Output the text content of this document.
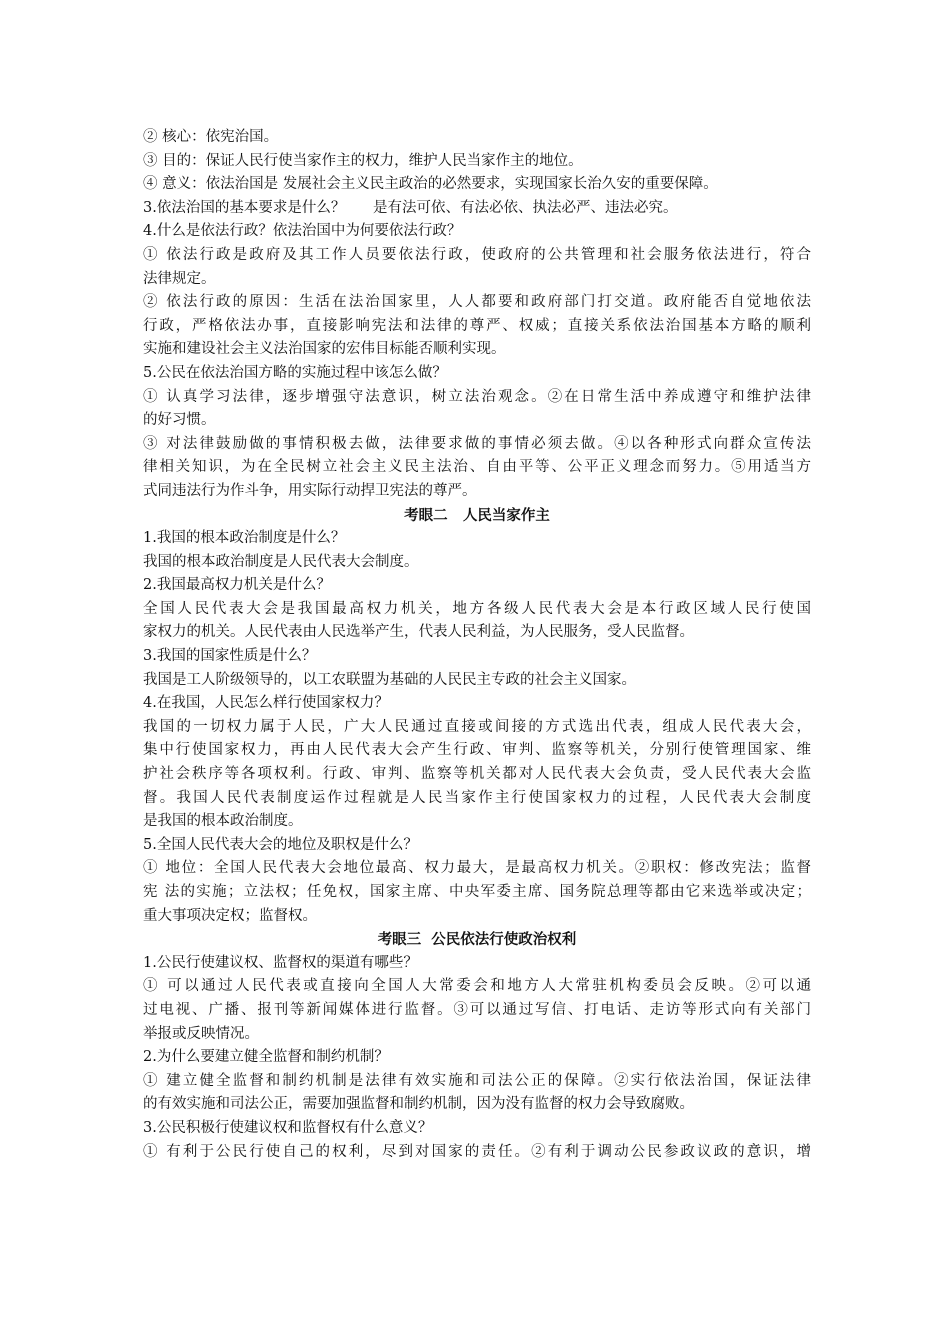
② 核心：依宪治国。
③ 目的：保证人民行使当家作主的权力，维护人民当家作主的地位。
④ 意义：依法治国是 发展社会主义民主政治的必然要求，实现国家长治久安的重要保障。
3.依法治国的基本要求是什么？      是有法可依、有法必依、执法必严、违法必究。
4.什么是依法行政？依法治国中为何要依法行政？
① 依法行政是政府及其工作人员要依法行政，使政府的公共管理和社会服务依法进行，符合
法律规定。
② 依法行政的原因：生活在法治国家里，人人都要和政府部门打交道。政府能否自觉地依法
行政，严格依法办事，直接影响宪法和法律的尊严、权威；直接关系依法治国基本方略的顺利
实施和建设社会主义法治国家的宏伟目标能否顺利实现。
5.公民在依法治国方略的实施过程中该怎么做？
① 认真学习法律，逐步增强守法意识，树立法治观念。②在日常生活中养成遵守和维护法律
的好习惯。
③ 对法律鼓励做的事情积极去做，法律要求做的事情必须去做。④以各种形式向群众宣传法
律相关知识，为在全民树立社会主义民主法治、自由平等、公平正义理念而努力。⑤用适当方
式同违法行为作斗争，用实际行动捍卫宪法的尊严。
考眼二   人民当家作主
1.我国的根本政治制度是什么？
我国的根本政治制度是人民代表大会制度。
2.我国最高权力机关是什么？
全国人民代表大会是我国最高权力机关，地方各级人民代表大会是本行政区域人民行使国
家权力的机关。人民代表由人民选举产生，代表人民利益，为人民服务，受人民监督。
3.我国的国家性质是什么？
我国是工人阶级领导的，以工农联盟为基础的人民民主专政的社会主义国家。
4.在我国，人民怎么样行使国家权力？
我国的一切权力属于人民，广大人民通过直接或间接的方式选出代表，组成人民代表大会，
集中行使国家权力，再由人民代表大会产生行政、审判、监察等机关，分别行使管理国家、维
护社会秩序等各项权利。行政、审判、监察等机关都对人民代表大会负责，受人民代表大会监
督。我国人民代表制度运作过程就是人民当家作主行使国家权力的过程，人民代表大会制度
是我国的根本政治制度。
5.全国人民代表大会的地位及职权是什么？
① 地位：全国人民代表大会地位最高、权力最大，是最高权力机关。②职权：修改宪法；监督
宪 法的实施；立法权；任免权，国家主席、中央军委主席、国务院总理等都由它来选举或决定；
重大事项决定权；监督权。
考眼三  公民依法行使政治权利
1.公民行使建议权、监督权的渠道有哪些？
① 可以通过人民代表或直接向全国人大常委会和地方人大常驻机构委员会反映。②可以通
过电视、广播、报刊等新闻媒体进行监督。③可以通过写信、打电话、走访等形式向有关部门
举报或反映情况。
2.为什么要建立健全监督和制约机制？
① 建立健全监督和制约机制是法律有效实施和司法公正的保障。②实行依法治国，保证法律
的有效实施和司法公正，需要加强监督和制约机制，因为没有监督的权力会导致腐败。
3.公民积极行使建议权和监督权有什么意义？
① 有利于公民行使自己的权利，尽到对国家的责任。②有利于调动公民参政议政的意识，增
